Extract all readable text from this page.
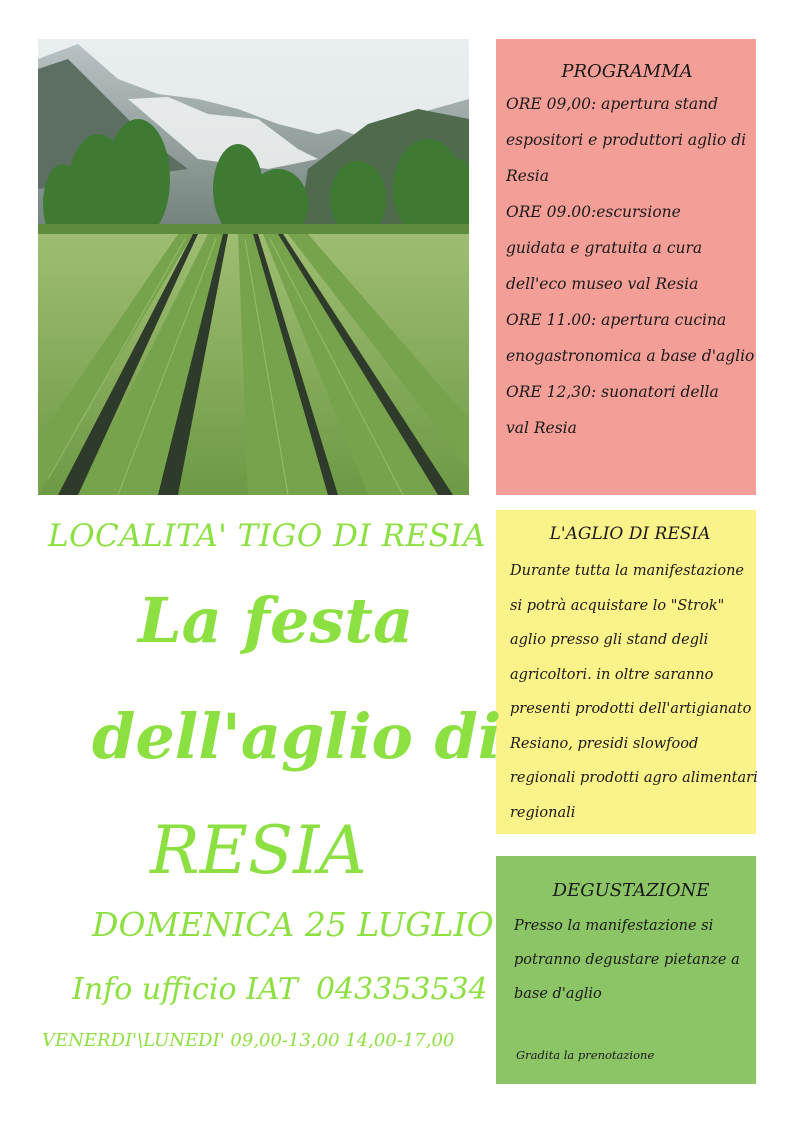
PROGRAMMA
ORE 09,00: apertura stand
espositori e produttori aglio di
Resia
ORE 09.00:escursione
guidata e gratuita a cura
dell'eco museo val Resia
ORE 11.00: apertura cucina
enogastronomica a base d'aglio
ORE 12,30: suonatori della
val Resia
L'AGLIO DI RESIA
Durante tutta la manifestazione
si potrà acquistare lo "Strok"
aglio presso gli stand degli
agricoltori. in oltre saranno
presenti prodotti dell'artigianato
Resiano, presidi slowfood
regionali prodotti agro alimentari
regionali
DEGUSTAZIONE
Presso la manifestazione si
potranno degustare pietanze a
base d'aglio
Gradita la prenotazione
LOCALITA' TIGO DI RESIA
La festa
dell'aglio di
RESIA
DOMENICA 25 LUGLIO
Info ufficio IAT 043353534
VENERDI'\LUNEDI' 09,00-13,00 14,00-17,00
